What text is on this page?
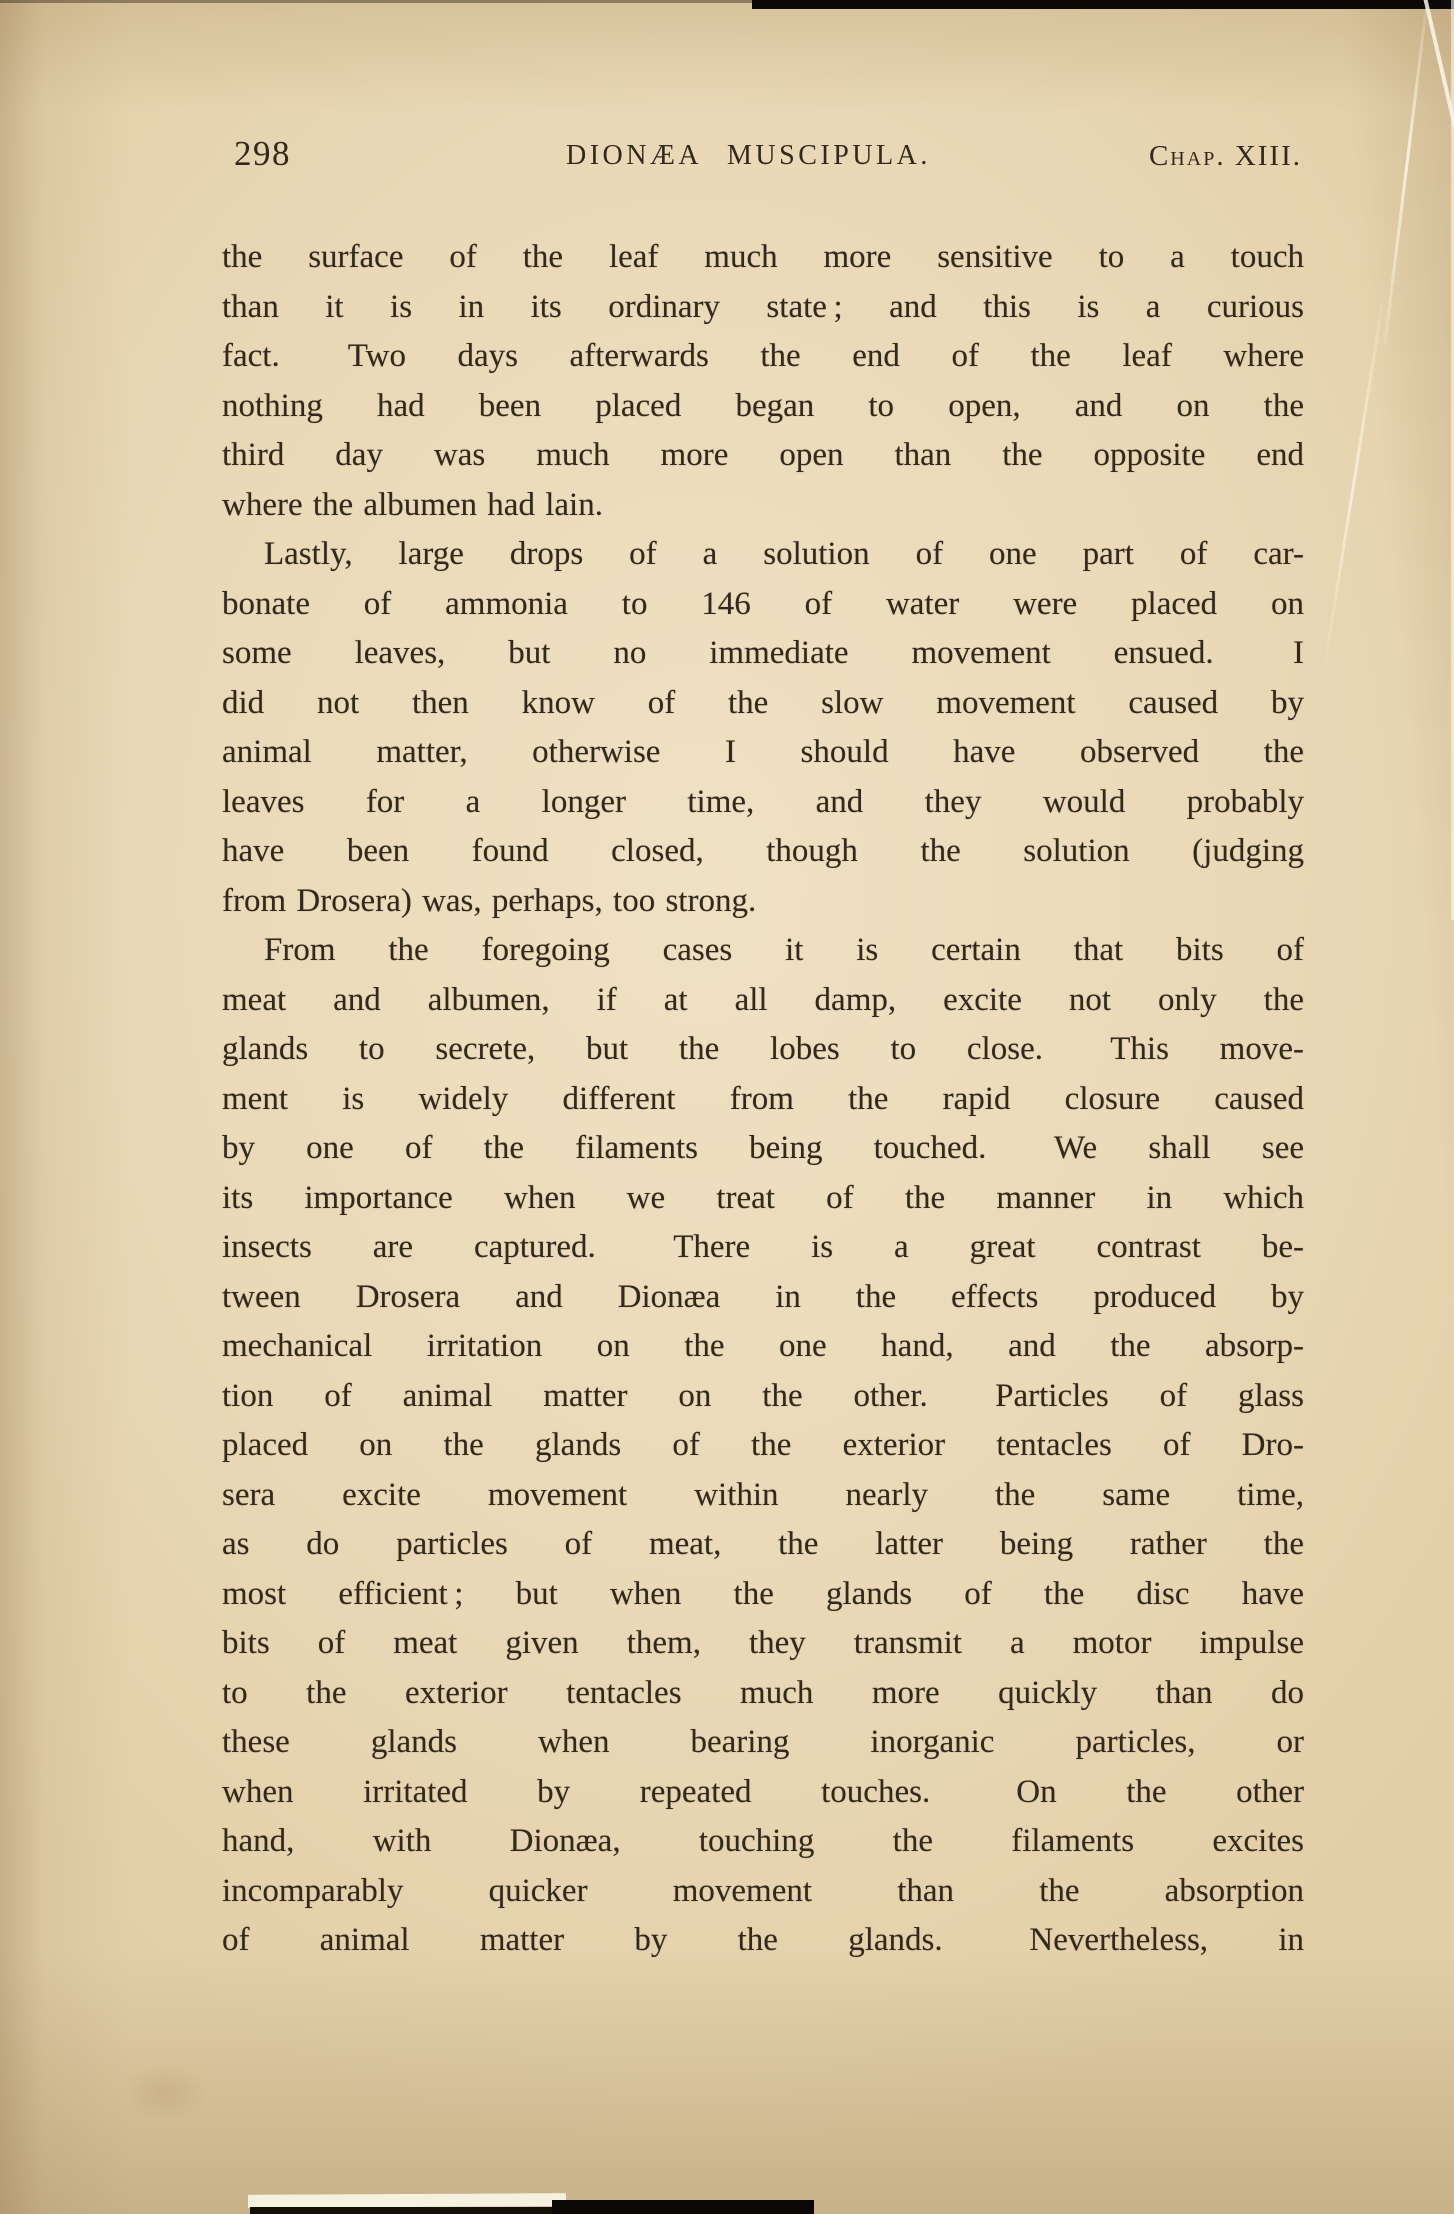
298	DIONÆA MUSCIPULA.	Chap. XIII.
the surface of the leaf much more sensitive to a touch
than it is in its ordinary state ; and this is a curious
fact.  Two days afterwards the end of the leaf where
nothing had been placed began to open, and on the
third day was much more open than the opposite end
where the albumen had lain.
Lastly, large drops of a solution of one part of car-
bonate of ammonia to 146 of water were placed on
some leaves, but no immediate movement ensued.  I
did not then know of the slow movement caused by
animal matter, otherwise I should have observed the
leaves for a longer time, and they would probably
have been found closed, though the solution (judging
from Drosera) was, perhaps, too strong.
From the foregoing cases it is certain that bits of
meat and albumen, if at all damp, excite not only the
glands to secrete, but the lobes to close.  This move-
ment is widely different from the rapid closure caused
by one of the filaments being touched.  We shall see
its importance when we treat of the manner in which
insects are captured.  There is a great contrast be-
tween Drosera and Dionæa in the effects produced by
mechanical irritation on the one hand, and the absorp-
tion of animal matter on the other.  Particles of glass
placed on the glands of the exterior tentacles of Dro-
sera excite movement within nearly the same time,
as do particles of meat, the latter being rather the
most efficient ; but when the glands of the disc have
bits of meat given them, they transmit a motor impulse
to the exterior tentacles much more quickly than do
these glands when bearing inorganic particles, or
when irritated by repeated touches.  On the other
hand, with Dionæa, touching the filaments excites
incomparably quicker movement than the absorption
of animal matter by the glands.  Nevertheless, in
